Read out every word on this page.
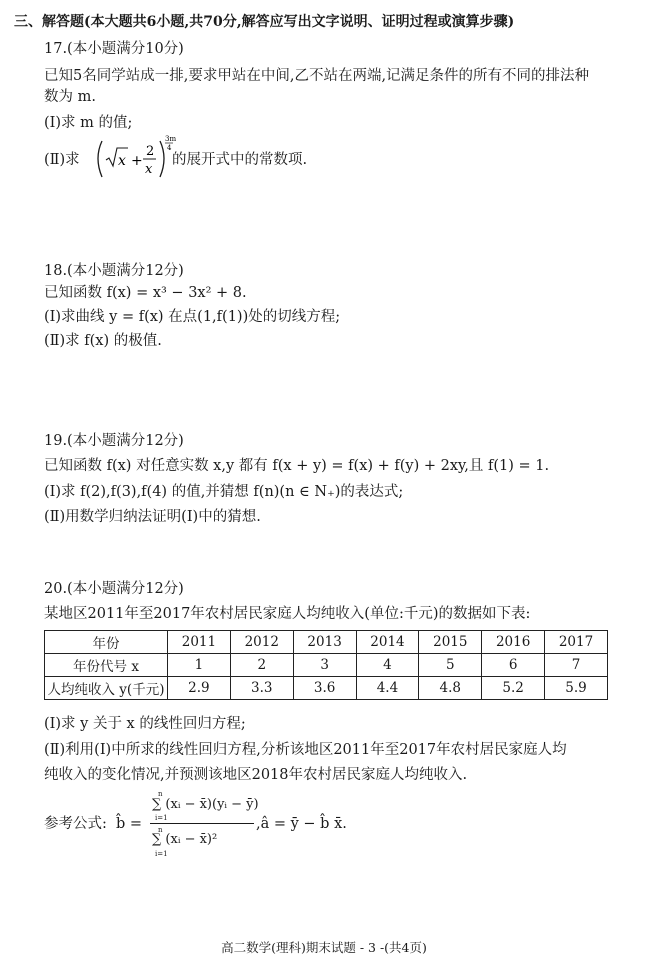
三、解答题(本大题共6小题,共70分,解答应写出文字说明、证明过程或演算步骤)
17.(本小题满分10分)
已知5名同学站成一排,要求甲站在中间,乙不站在两端,记满足条件的所有不同的排法种
数为 m.
(Ⅰ)求 m 的值;
(Ⅱ)求	x +
2
x
3m
4
的展开式中的常数项.
18.(本小题满分12分)
已知函数 f(x) = x³ − 3x² + 8.
(Ⅰ)求曲线 y = f(x) 在点(1,f(1))处的切线方程;
(Ⅱ)求 f(x) 的极值.
19.(本小题满分12分)
已知函数 f(x) 对任意实数 x,y 都有 f(x + y) = f(x) + f(y) + 2xy,且 f(1) = 1.
(Ⅰ)求 f(2),f(3),f(4) 的值,并猜想 f(n)(n ∈ N₊)的表达式;
(Ⅱ)用数学归纳法证明(Ⅰ)中的猜想.
20.(本小题满分12分)
某地区2011年至2017年农村居民家庭人均纯收入(单位:千元)的数据如下表:
年份	2011	2012	2013	2014	2015	2016	2017
年份代号 x	1	2	3	4	5	6	7
人均纯收入 y(千元)	2.9	3.3	3.6	4.4	4.8	5.2	5.9
(Ⅰ)求 y 关于 x 的线性回归方程;
(Ⅱ)利用(Ⅰ)中所求的线性回归方程,分析该地区2011年至2017年农村居民家庭人均
纯收入的变化情况,并预测该地区2018年农村居民家庭人均纯收入.
参考公式: b̂ =
n
i=1
∑ (xᵢ − x̄)(yᵢ − ȳ)
n
i=1
∑ (xᵢ − x̄)²
,â = ȳ − b̂ x̄.
高二数学(理科)期末试题 - 3 -(共4页)
